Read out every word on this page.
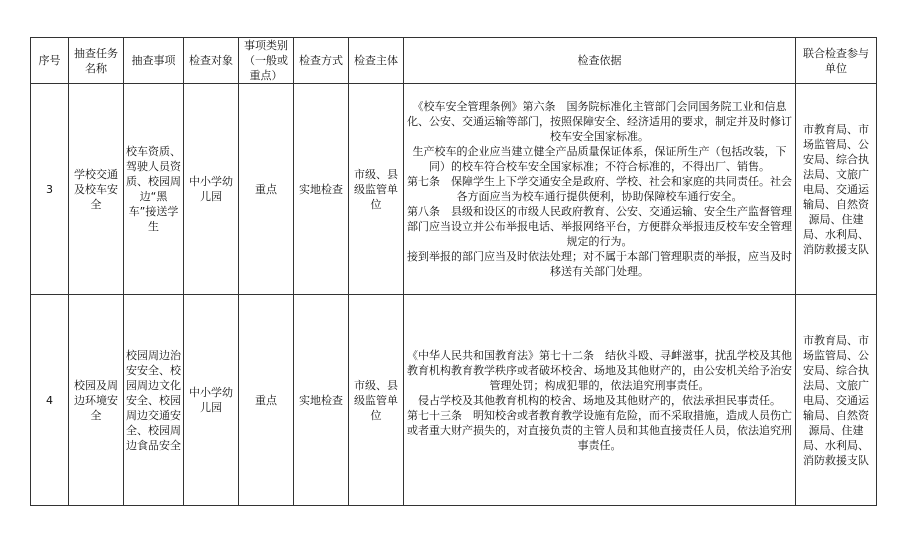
序号	抽查任务名称	抽查事项	检查对象	事项类别（一般或重点）	检查方式	检查主体	检查依据	联合检查参与单位
3	学校交通及校车安全	校车资质、驾驶人员资质、校园周边“黑车”接送学生	中小学幼儿园	重点	实地检查	市级、县级监管单位	《校车安全管理条例》第六条　国务院标准化主管部门会同国务院工业和信息化、公安、交通运输等部门，按照保障安全、经济适用的要求，制定并及时修订校车安全国家标准。
生产校车的企业应当建立健全产品质量保证体系，保证所生产（包括改装，下同）的校车符合校车安全国家标准；不符合标准的，不得出厂、销售。
第七条　保障学生上下学交通安全是政府、学校、社会和家庭的共同责任。社会各方面应当为校车通行提供便利，协助保障校车通行安全。
第八条　县级和设区的市级人民政府教育、公安、交通运输、安全生产监督管理部门应当设立并公布举报电话、举报网络平台，方便群众举报违反校车安全管理规定的行为。
接到举报的部门应当及时依法处理；对不属于本部门管理职责的举报，应当及时移送有关部门处理。	市教育局、市场监管局、公安局、综合执法局、文旅广电局、交通运输局、自然资源局、住建局、水利局、消防救援支队
4	校园及周边环境安全	校园周边治安安全、校园周边文化安全、校园周边交通安全、校园周边食品安全	中小学幼儿园	重点	实地检查	市级、县级监管单位	《中华人民共和国教育法》第七十二条　结伙斗殴、寻衅滋事，扰乱学校及其他教育机构教育教学秩序或者破坏校舍、场地及其他财产的，由公安机关给予治安管理处罚；构成犯罪的，依法追究刑事责任。
侵占学校及其他教育机构的校舍、场地及其他财产的，依法承担民事责任。
第七十三条　明知校舍或者教育教学设施有危险，而不采取措施，造成人员伤亡或者重大财产损失的，对直接负责的主管人员和其他直接责任人员，依法追究刑事责任。	市教育局、市场监管局、公安局、综合执法局、文旅广电局、交通运输局、自然资源局、住建局、水利局、消防救援支队
